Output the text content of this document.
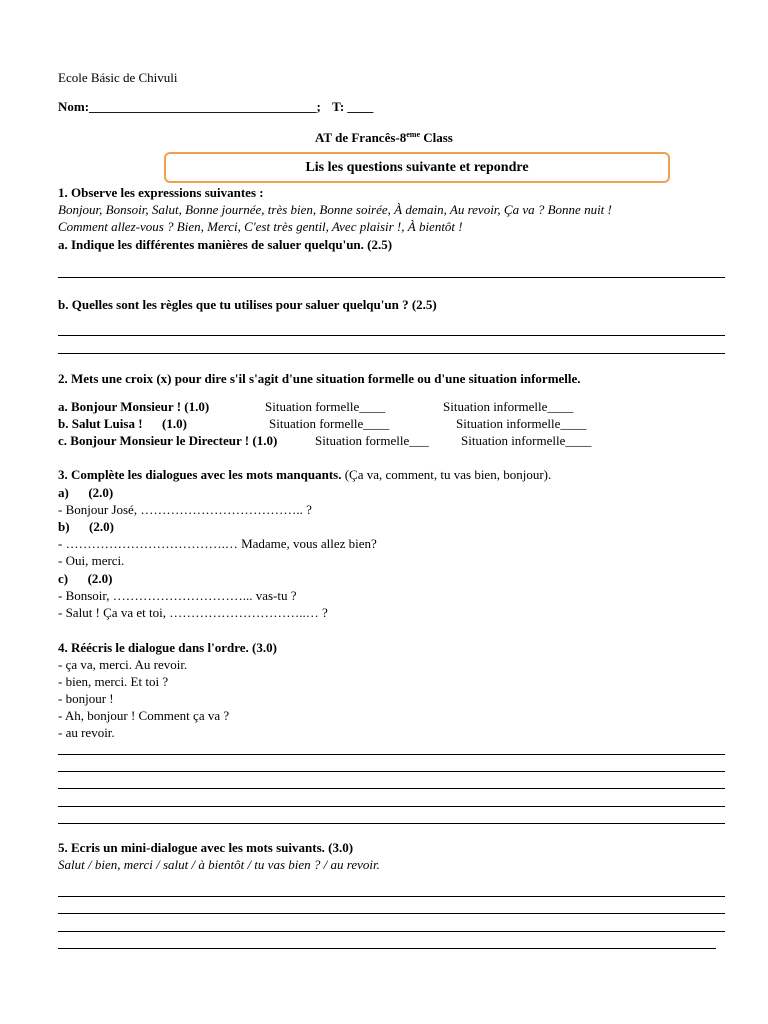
Ecole Básic de Chivuli
Nom:___________________________________; T: ____
AT de Francês-8eme Class
Lis les questions suivante et repondre
1. Observe les expressions suivantes :
Bonjour, Bonsoir, Salut, Bonne journée, très bien, Bonne soirée, À demain, Au revoir, Ça va ? Bonne nuit !
Comment allez-vous ? Bien, Merci, C'est très gentil, Avec plaisir !, À bientôt !
a. Indique les différentes manières de saluer quelqu'un. (2.5)
b. Quelles sont les règles que tu utilises pour saluer quelqu'un ? (2.5)
2. Mets une croix (x) pour dire s'il s'agit d'une situation formelle ou d'une situation informelle.
a. Bonjour Monsieur ! (1.0)	Situation formelle____	Situation informelle____
b. Salut Luisa !      (1.0)	Situation formelle____	Situation informelle____
c. Bonjour Monsieur le Directeur ! (1.0)	Situation formelle___ Situation informelle____
3. Complète les dialogues avec les mots manquants. (Ça va, comment, tu vas bien, bonjour).
a)      (2.0)
- Bonjour José, ……………………………….. ?
b)      (2.0)
- ……………………………….… Madame, vous allez bien?
- Oui, merci.
c)      (2.0)
- Bonsoir, …………………………... vas-tu ?
- Salut ! Ça va et toi, …………………………..… ?
4. Réécris le dialogue dans l'ordre. (3.0)
- ça va, merci. Au revoir.
- bien, merci. Et toi ?
- bonjour !
- Ah, bonjour ! Comment ça va ?
- au revoir.
5. Ecris un mini-dialogue avec les mots suivants. (3.0)
Salut / bien, merci / salut / à bientôt / tu vas bien ? / au revoir.
